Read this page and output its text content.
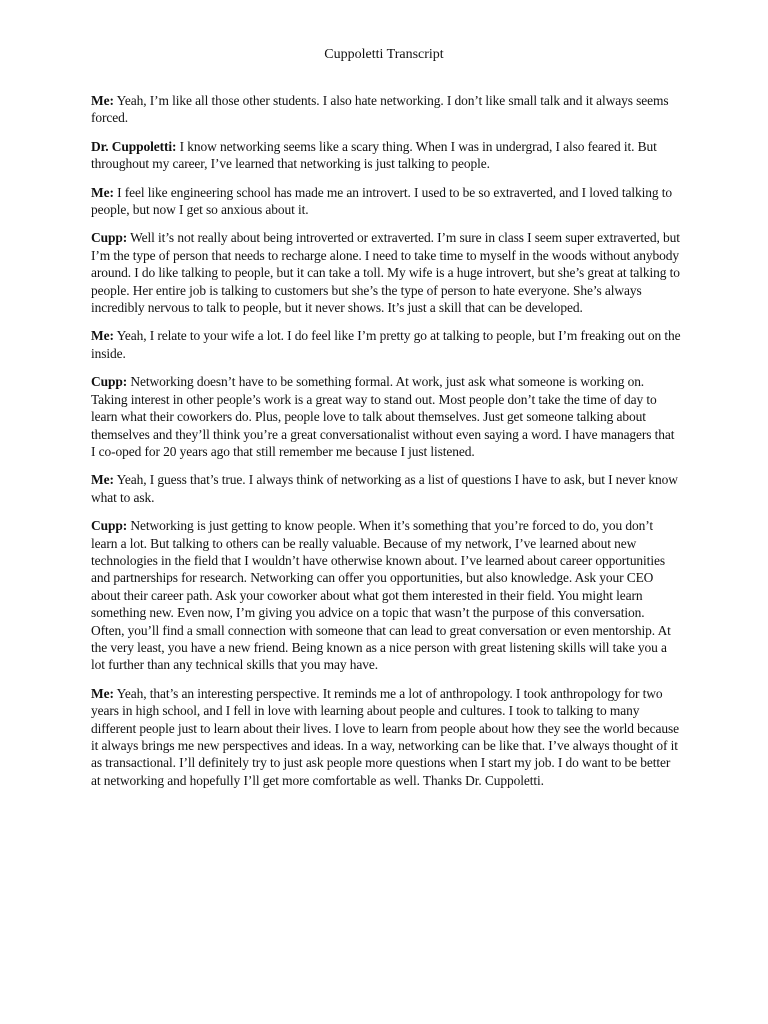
Cuppoletti Transcript

Me: Yeah, I’m like all those other students. I also hate networking. I don’t like small talk and it always seems forced.

Dr. Cuppoletti: I know networking seems like a scary thing. When I was in undergrad, I also feared it. But throughout my career, I’ve learned that networking is just talking to people.

Me: I feel like engineering school has made me an introvert. I used to be so extraverted, and I loved talking to people, but now I get so anxious about it.

Cupp: Well it’s not really about being introverted or extraverted. I’m sure in class I seem super extraverted, but I’m the type of person that needs to recharge alone. I need to take time to myself in the woods without anybody around. I do like talking to people, but it can take a toll. My wife is a huge introvert, but she’s great at talking to people. Her entire job is talking to customers but she’s the type of person to hate everyone. She’s always incredibly nervous to talk to people, but it never shows. It’s just a skill that can be developed.

Me: Yeah, I relate to your wife a lot. I do feel like I’m pretty go at talking to people, but I’m freaking out on the inside.

Cupp: Networking doesn’t have to be something formal. At work, just ask what someone is working on. Taking interest in other people’s work is a great way to stand out. Most people don’t take the time of day to learn what their coworkers do. Plus, people love to talk about themselves. Just get someone talking about themselves and they’ll think you’re a great conversationalist without even saying a word. I have managers that I co-oped for 20 years ago that still remember me because I just listened.

Me: Yeah, I guess that’s true. I always think of networking as a list of questions I have to ask, but I never know what to ask.

Cupp: Networking is just getting to know people. When it’s something that you’re forced to do, you don’t learn a lot. But talking to others can be really valuable. Because of my network, I’ve learned about new technologies in the field that I wouldn’t have otherwise known about. I’ve learned about career opportunities and partnerships for research. Networking can offer you opportunities, but also knowledge. Ask your CEO about their career path. Ask your coworker about what got them interested in their field. You might learn something new. Even now, I’m giving you advice on a topic that wasn’t the purpose of this conversation. Often, you’ll find a small connection with someone that can lead to great conversation or even mentorship. At the very least, you have a new friend. Being known as a nice person with great listening skills will take you a lot further than any technical skills that you may have.

Me: Yeah, that’s an interesting perspective. It reminds me a lot of anthropology. I took anthropology for two years in high school, and I fell in love with learning about people and cultures. I took to talking to many different people just to learn about their lives. I love to learn from people about how they see the world because it always brings me new perspectives and ideas. In a way, networking can be like that. I’ve always thought of it as transactional. I’ll definitely try to just ask people more questions when I start my job. I do want to be better at networking and hopefully I’ll get more comfortable as well. Thanks Dr. Cuppoletti.
